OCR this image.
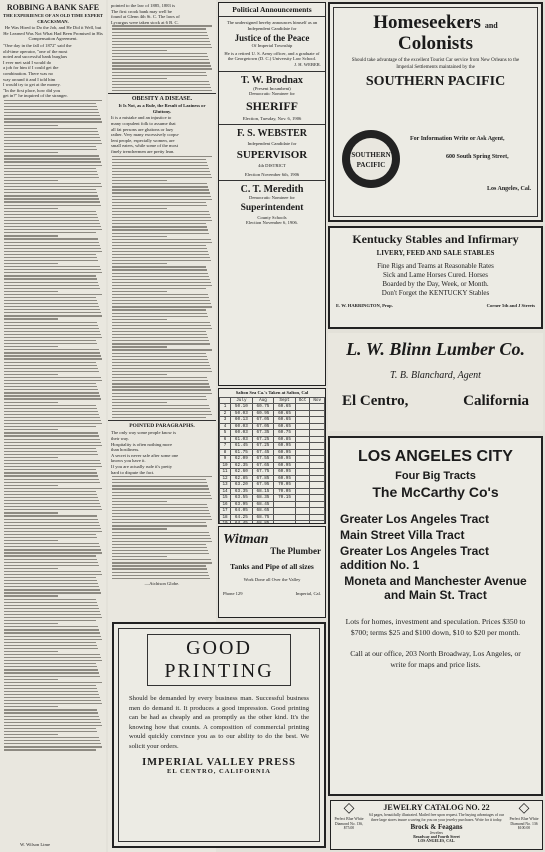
ROBBING A BANK SAFE
THE EXPERIENCE OF AN OLD TIME EXPERT CRACKSMAN.
He Was Hired to Do the Job, and He Did it Well, but He Learned Was Not What Had Been Promised in His Compensation Agreement.
"One day in the fall of 1872" said the
old-time operator, "one of the most
noted and successful bank burglars
I ever met said I would do
a job for him if I could get the
combination. There was no
way around it and I told him
I would try to get at the money.
"In the first place, how did you
get in?" he inquired of the stranger.
W. Wilson Lime
pointed to the law of 1885, 1883 is
The first crook bank may well be
found at Glenn 4th St. C. The laws of
Lycurgus were taken stock at 6 B. C.
OBESITY A DISEASE.
It Is Not, as a Rule, the Result of Laziness or Gluttony.
It is a mistake and an injustice to
many corpulent folk to assume that
all fat persons are gluttons or lazy
rather. Very many excessively corpu-
lent people, especially women, are
small eaters, while some of the most
finely trenchermen are pretty lean.
POINTED PARAGRAPHS.
The only way some people know is
their way.
Hospitality is often nothing more
than hostliness.
A secret is never safe after some one
knows you have it.
If you are actually rude it's pretty
hard to dispute the fact.
—Atchison Globe.
Political Announcements
The undersigned hereby announces himself as an Independent Candidate for
Justice of the Peace
Of Imperial Township
He is a retired U. S. Army officer, and a graduate of the Georgetown (D. C.) University Law School.
J. H. WEBER.
T. W. Brodnax
(Present Incumbent)
Democratic Nominee for
SHERIFF
Election, Tuesday, Nov. 6, 1906
F. S. WEBSTER
Independent Candidate for
SUPERVISOR
4th DISTRICT
Election November 6th, 1906
C. T. Meredith
Democratic Nominee for
Superintendent
County Schools
Election November 6, 1906.
Salton Sea Ca.'s Taken at Salton, Cal
	July	Aug	Sept	Oct	Nov
1	50.10	60.75	60.65		
2	50.03	60.95	60.65		
3	60.13	67.05	60.65		
4	60.03	67.05	60.65		
5	60.03	67.35	60.75		
6	61.03	67.25	60.85		
7	61.45	67.25	60.95		
8	61.75	67.45	60.95		
9	62.09	67.55	60.95		
10	62.35	67.65	60.95		
11	62.60	67.75	60.95		
12	62.85	67.85	60.95		
13	63.20	67.95	70.05		
14	63.35	68.15	70.05		
15	63.55	68.35	70.15		
16	63.95	68.45			
17	64.05	68.65			
18	64.25	68.75			
19	64.45	68.85			

Witman
The Plumber
Tanks and Pipe of all sizes
Work Done all Over the Valley
Phone 129	Imperial, Cal.
GOOD PRINTING
Should be demanded by every business man. Successful business men do demand it. It produces a good impression. Good printing can be had as cheaply and as promptly as the other kind. It's the knowing how that counts. A composition of commercial printing would quickly convince you as to our ability to do the best. We solicit your orders.
IMPERIAL VALLEY PRESS
EL CENTRO, CALIFORNIA
Homeseekers and
Colonists
Should take advantage of the excellent Tourist Car service from New Orleans to the Imperial Settlements maintained by the
SOUTHERN PACIFIC
SOUTHERN
PACIFIC
For Information Write or Ask Agent,
600 South Spring Street,
Los Angeles, Cal.
Kentucky Stables and Infirmary
LIVERY, FEED AND SALE STABLES
Fine Rigs and Teams at Reasonable Rates
Sick and Lame Horses Cured. Horses
Boarded by the Day, Week, or Month.
Don't Forget the KENTUCKY Stables
E. W. HARRINGTON, Prop.	Corner 5th and J Streets
L. W. Blinn Lumber Co.
T. B. Blanchard, Agent
El Centro,	California
LOS ANGELES CITY
Four Big Tracts
The McCarthy Co's
Greater Los Angeles Tract
Main Street Villa Tract
Greater Los Angeles Tract addition No. 1
Moneta and Manchester Avenue and Main St. Tract
Lots for homes, investment and speculation. Prices $350 to $700; terms $25 and $100 down, $10 to $20 per month.
Call at our office, 203 North Broadway, Los Angeles, or write for maps and price lists.
◇
Perfect Blue White Diamond No. 136, $75.00
JEWELRY CATALOG NO. 22
64 pages, beautifully illustrated. Mailed free upon request. The buying advantages of our three large stores insure a saving for you on your jewelry purchases. Write for it today.
Brock & Feagans
Jewelers
Broadway and Fourth Street
LOS ANGELES, CAL.
◇
Perfect Blue White Diamond No. 136 $100.00
